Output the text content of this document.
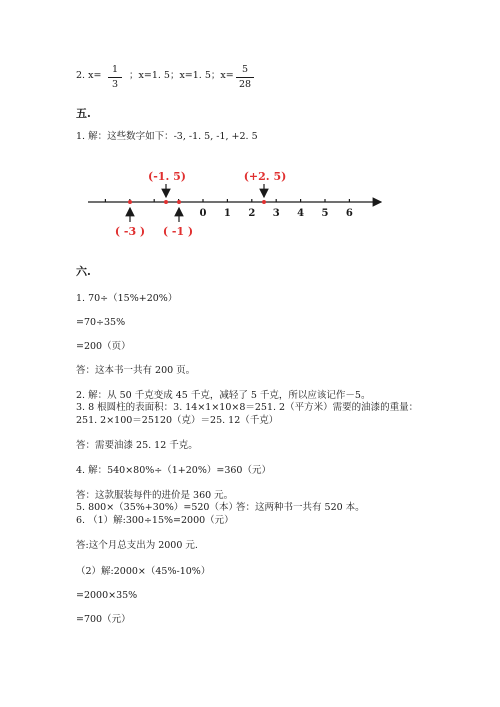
2. x=
1
3
；x=1. 5；x=1. 5；x=
5
28
五.
1. 解：这些数字如下：-3, -1. 5, -1, +2. 5
0 1 2 3 4 5 6
(-1. 5)	(+2. 5)
( -3 ) ( -1 )
六.
1. 70÷（15%+20%）
=70÷35%
=200（页）
答：这本书一共有 200 页。
2. 解：从 50 千克变成 45 千克，减轻了 5 千克，所以应该记作－5。
3. 8 根圆柱的表面积：3. 14×1×10×8＝251. 2（平方米）需要的油漆的重量：
251. 2×100＝25120（克）＝25. 12（千克）
答：需要油漆 25. 12 千克。
4. 解：540×80%÷（1+20%）=360（元）
答：这款服装每件的进价是 360 元。
5. 800×（35%+30%）=520（本）
答：这两种书一共有 520 本。
6. （1）解:300÷15%=2000（元）
答:这个月总支出为 2000 元.
（2）解:2000×（45%-10%）
=2000×35%
=700（元）
